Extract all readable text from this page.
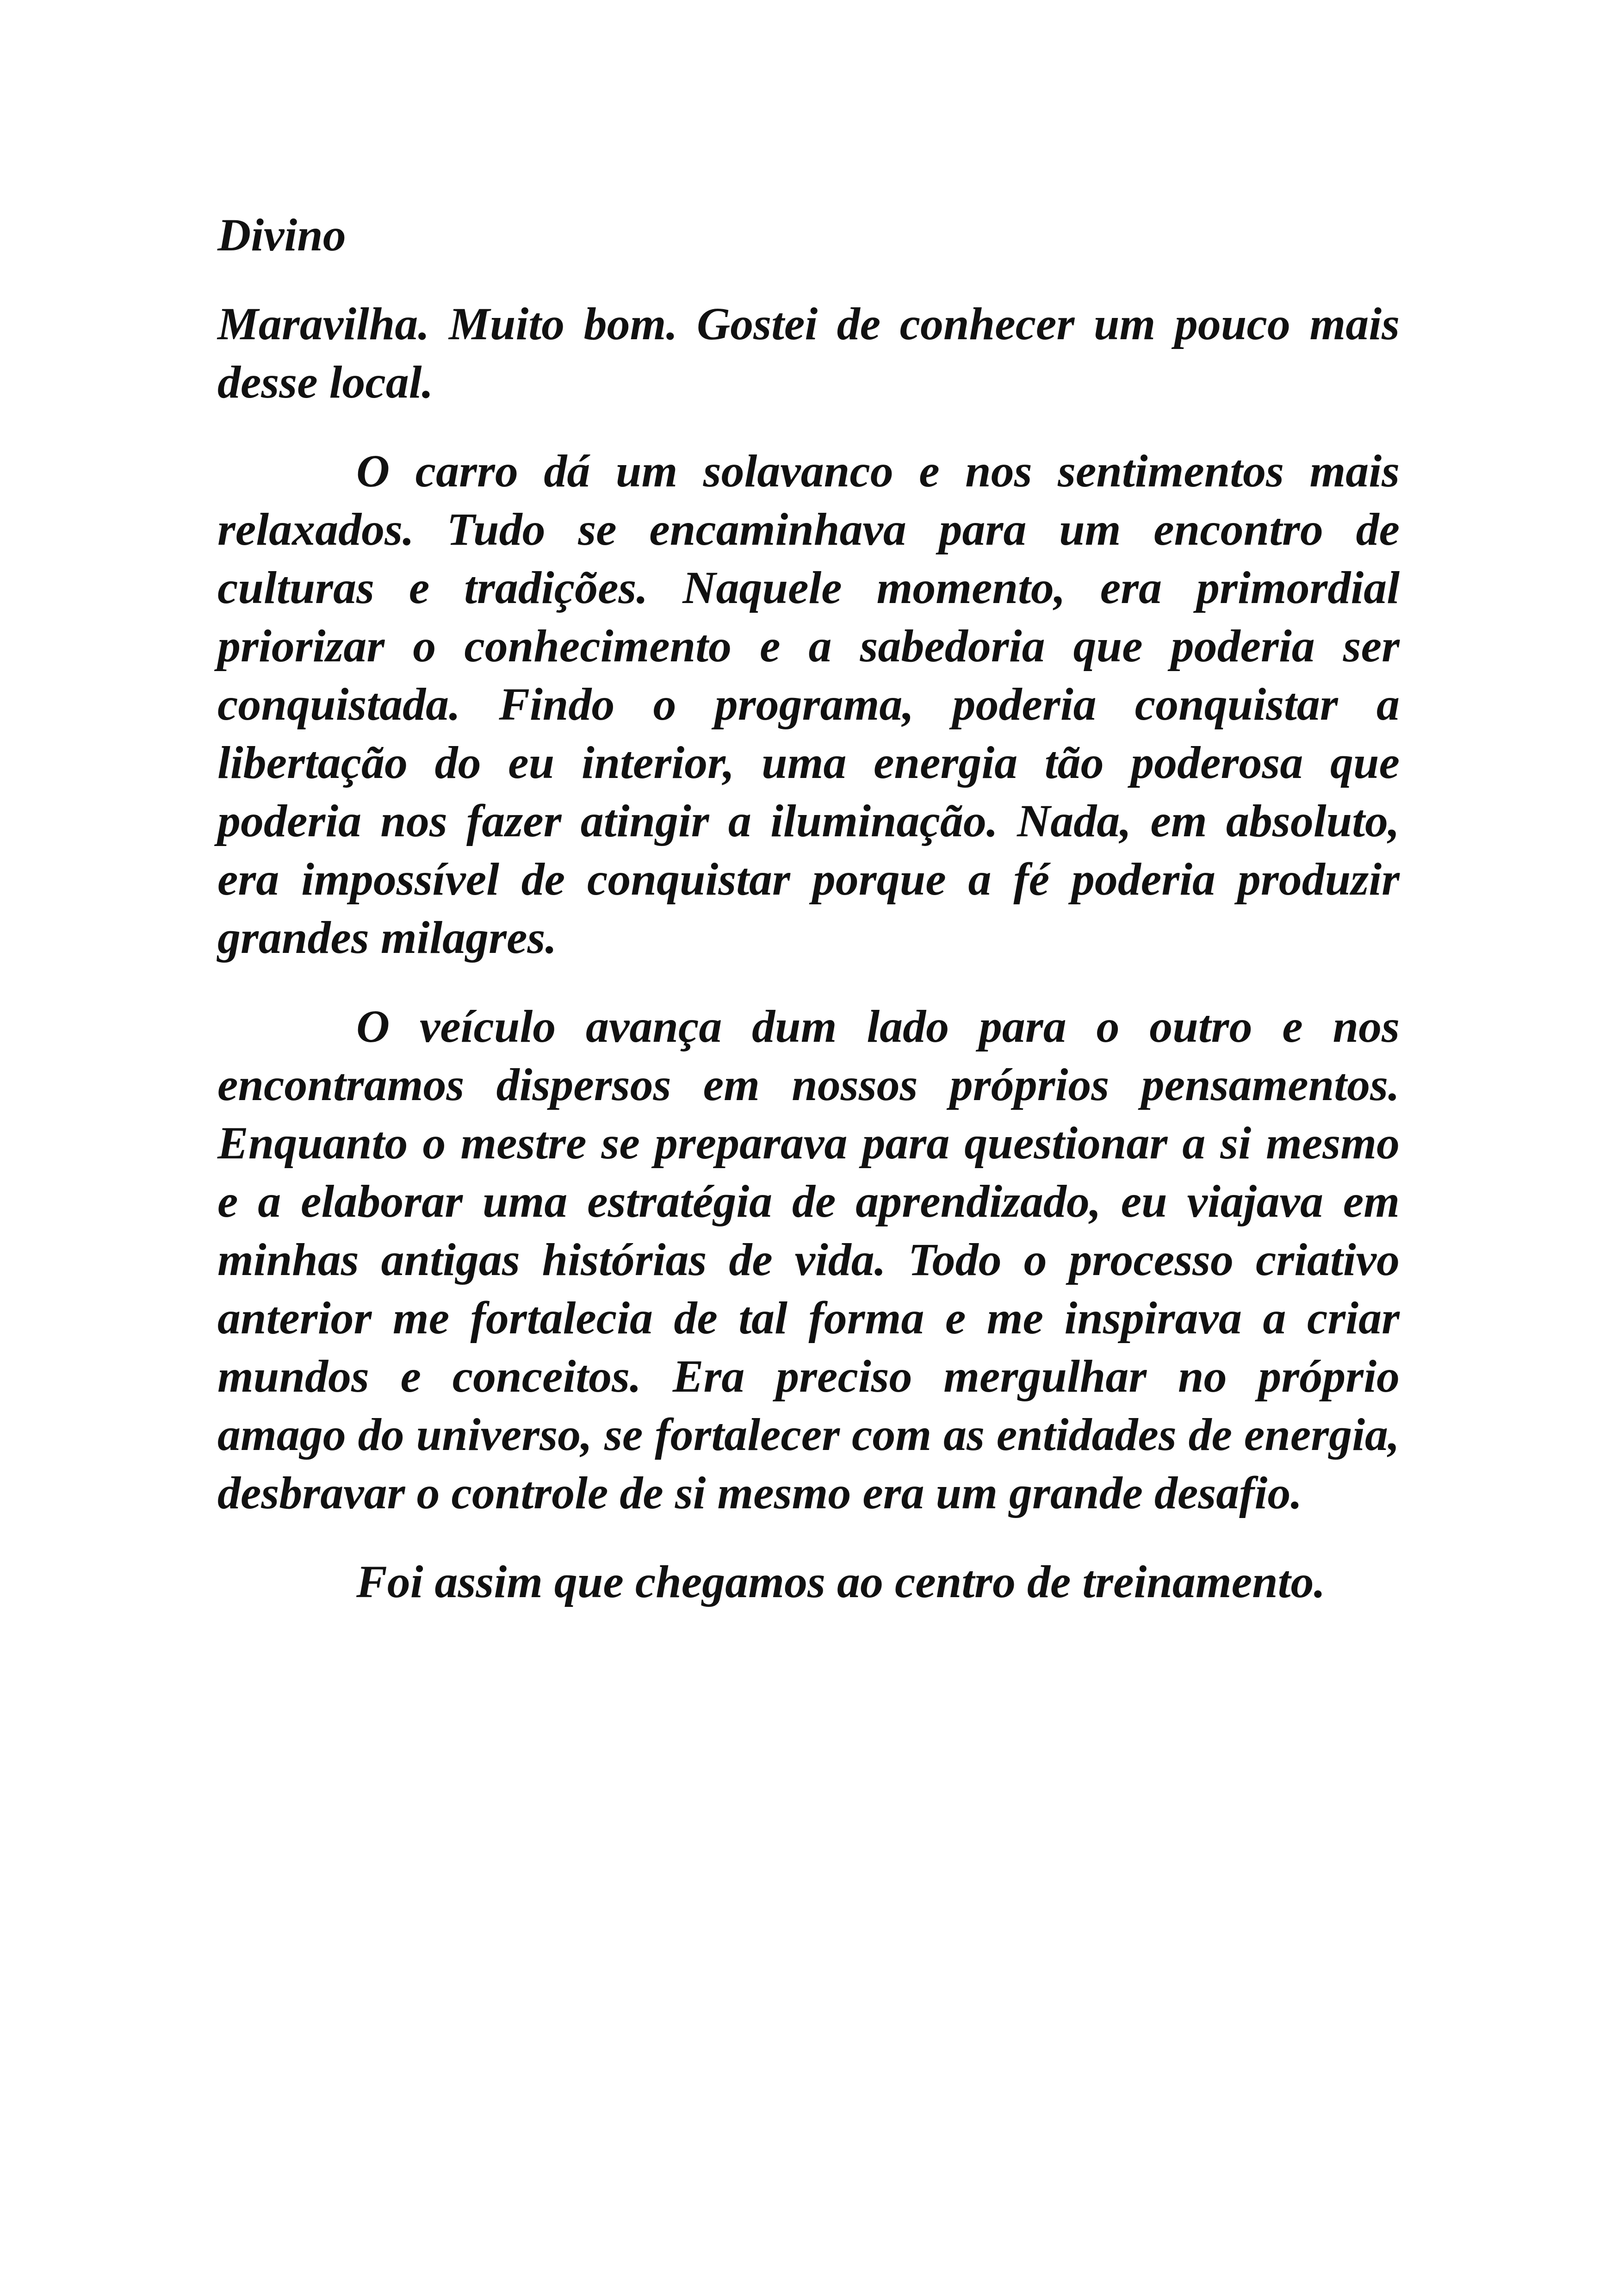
Divino

Maravilha. Muito bom. Gostei de conhecer um pouco mais desse local.

O carro dá um solavanco e nos sentimentos mais relaxados. Tudo se encaminhava para um encontro de culturas e tradições. Naquele momento, era primordial priorizar o conhecimento e a sabedoria que poderia ser conquistada. Findo o programa, poderia conquistar a libertação do eu interior, uma energia tão poderosa que poderia nos fazer atingir a iluminação. Nada, em absoluto, era impossível de conquistar porque a fé poderia produzir grandes milagres.

O veículo avança dum lado para o outro e nos encontramos dispersos em nossos próprios pensamentos. Enquanto o mestre se preparava para questionar a si mesmo e a elaborar uma estratégia de aprendizado, eu viajava em minhas antigas histórias de vida. Todo o processo criativo anterior me fortalecia de tal forma e me inspirava a criar mundos e conceitos. Era preciso mergulhar no próprio amago do universo, se fortalecer com as entidades de energia, desbravar o controle de si mesmo era um grande desafio.

Foi assim que chegamos ao centro de treinamento.
